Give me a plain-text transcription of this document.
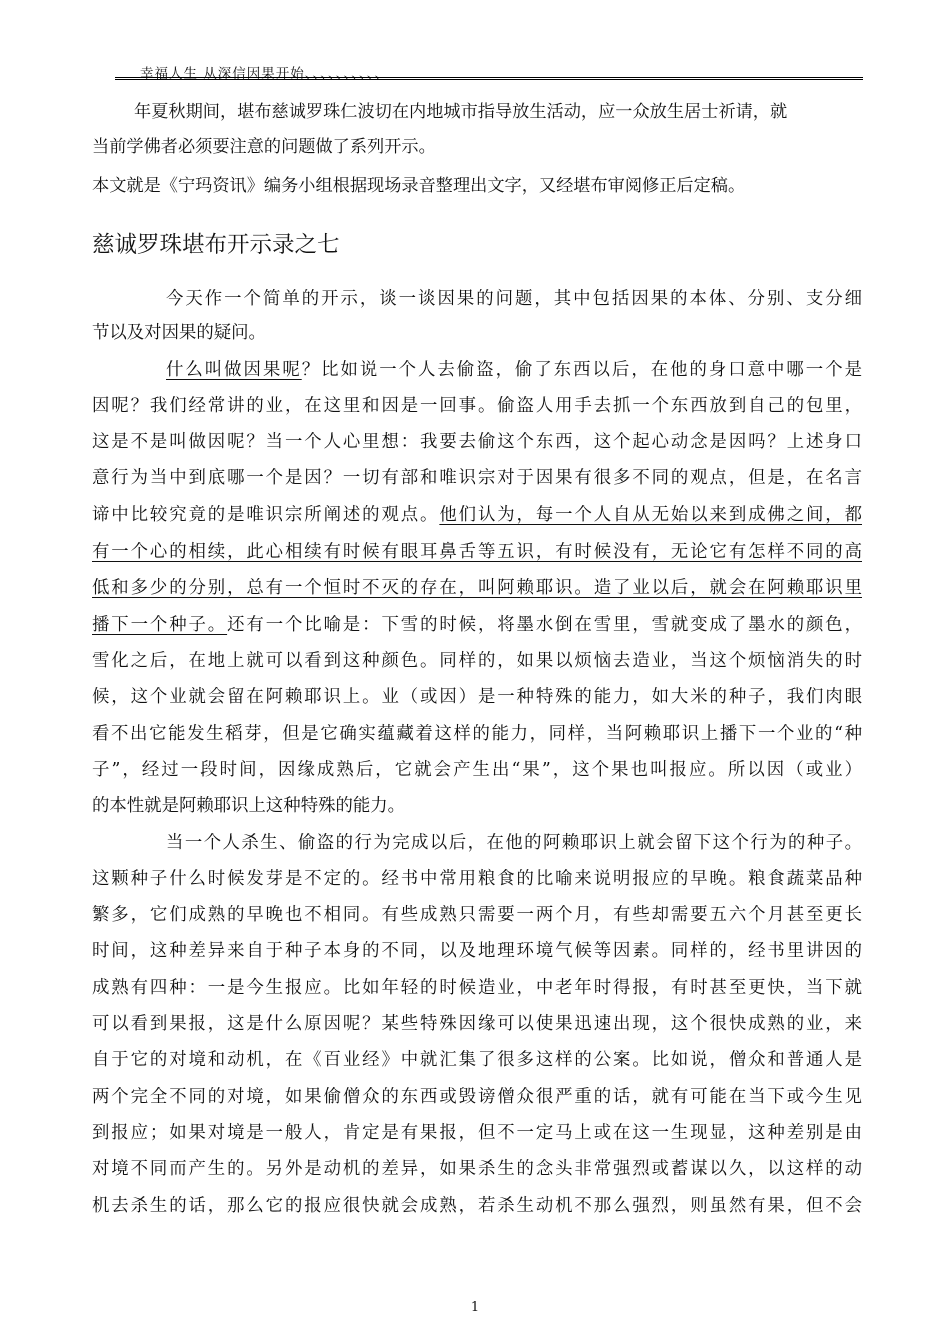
幸福人生 从深信因果开始、、、、、、、、、、
年夏秋期间，堪布慈诚罗珠仁波切在内地城市指导放生活动，应一众放生居士祈请，就
当前学佛者必须要注意的问题做了系列开示。
本文就是《宁玛资讯》编务小组根据现场录音整理出文字，又经堪布审阅修正后定稿。
慈诚罗珠堪布开示录之七
今天作一个简单的开示，谈一谈因果的问题，其中包括因果的本体、分别、支分细
节以及对因果的疑问。
什么叫做因果呢？比如说一个人去偷盗，偷了东西以后，在他的身口意中哪一个是
因呢？我们经常讲的业，在这里和因是一回事。偷盗人用手去抓一个东西放到自己的包里，
这是不是叫做因呢？当一个人心里想：我要去偷这个东西，这个起心动念是因吗？上述身口
意行为当中到底哪一个是因？一切有部和唯识宗对于因果有很多不同的观点，但是，在名言
谛中比较究竟的是唯识宗所阐述的观点。他们认为，每一个人自从无始以来到成佛之间，都
有一个心的相续，此心相续有时候有眼耳鼻舌等五识，有时候没有，无论它有怎样不同的高
低和多少的分别，总有一个恒时不灭的存在，叫阿赖耶识。造了业以后，就会在阿赖耶识里
播下一个种子。还有一个比喻是：下雪的时候，将墨水倒在雪里，雪就变成了墨水的颜色，
雪化之后，在地上就可以看到这种颜色。同样的，如果以烦恼去造业，当这个烦恼消失的时
候，这个业就会留在阿赖耶识上。业（或因）是一种特殊的能力，如大米的种子，我们肉眼
看不出它能发生稻芽，但是它确实蕴藏着这样的能力，同样，当阿赖耶识上播下一个业的“种
子”，经过一段时间，因缘成熟后，它就会产生出“果”，这个果也叫报应。所以因（或业）
的本性就是阿赖耶识上这种特殊的能力。
当一个人杀生、偷盗的行为完成以后，在他的阿赖耶识上就会留下这个行为的种子。
这颗种子什么时候发芽是不定的。经书中常用粮食的比喻来说明报应的早晚。粮食蔬菜品种
繁多，它们成熟的早晚也不相同。有些成熟只需要一两个月，有些却需要五六个月甚至更长
时间，这种差异来自于种子本身的不同，以及地理环境气候等因素。同样的，经书里讲因的
成熟有四种：一是今生报应。比如年轻的时候造业，中老年时得报，有时甚至更快，当下就
可以看到果报，这是什么原因呢？某些特殊因缘可以使果迅速出现，这个很快成熟的业，来
自于它的对境和动机，在《百业经》中就汇集了很多这样的公案。比如说，僧众和普通人是
两个完全不同的对境，如果偷僧众的东西或毁谤僧众很严重的话，就有可能在当下或今生见
到报应；如果对境是一般人，肯定是有果报，但不一定马上或在这一生现显，这种差别是由
对境不同而产生的。另外是动机的差异，如果杀生的念头非常强烈或蓄谋以久，以这样的动
机去杀生的话，那么它的报应很快就会成熟，若杀生动机不那么强烈，则虽然有果，但不会
1
